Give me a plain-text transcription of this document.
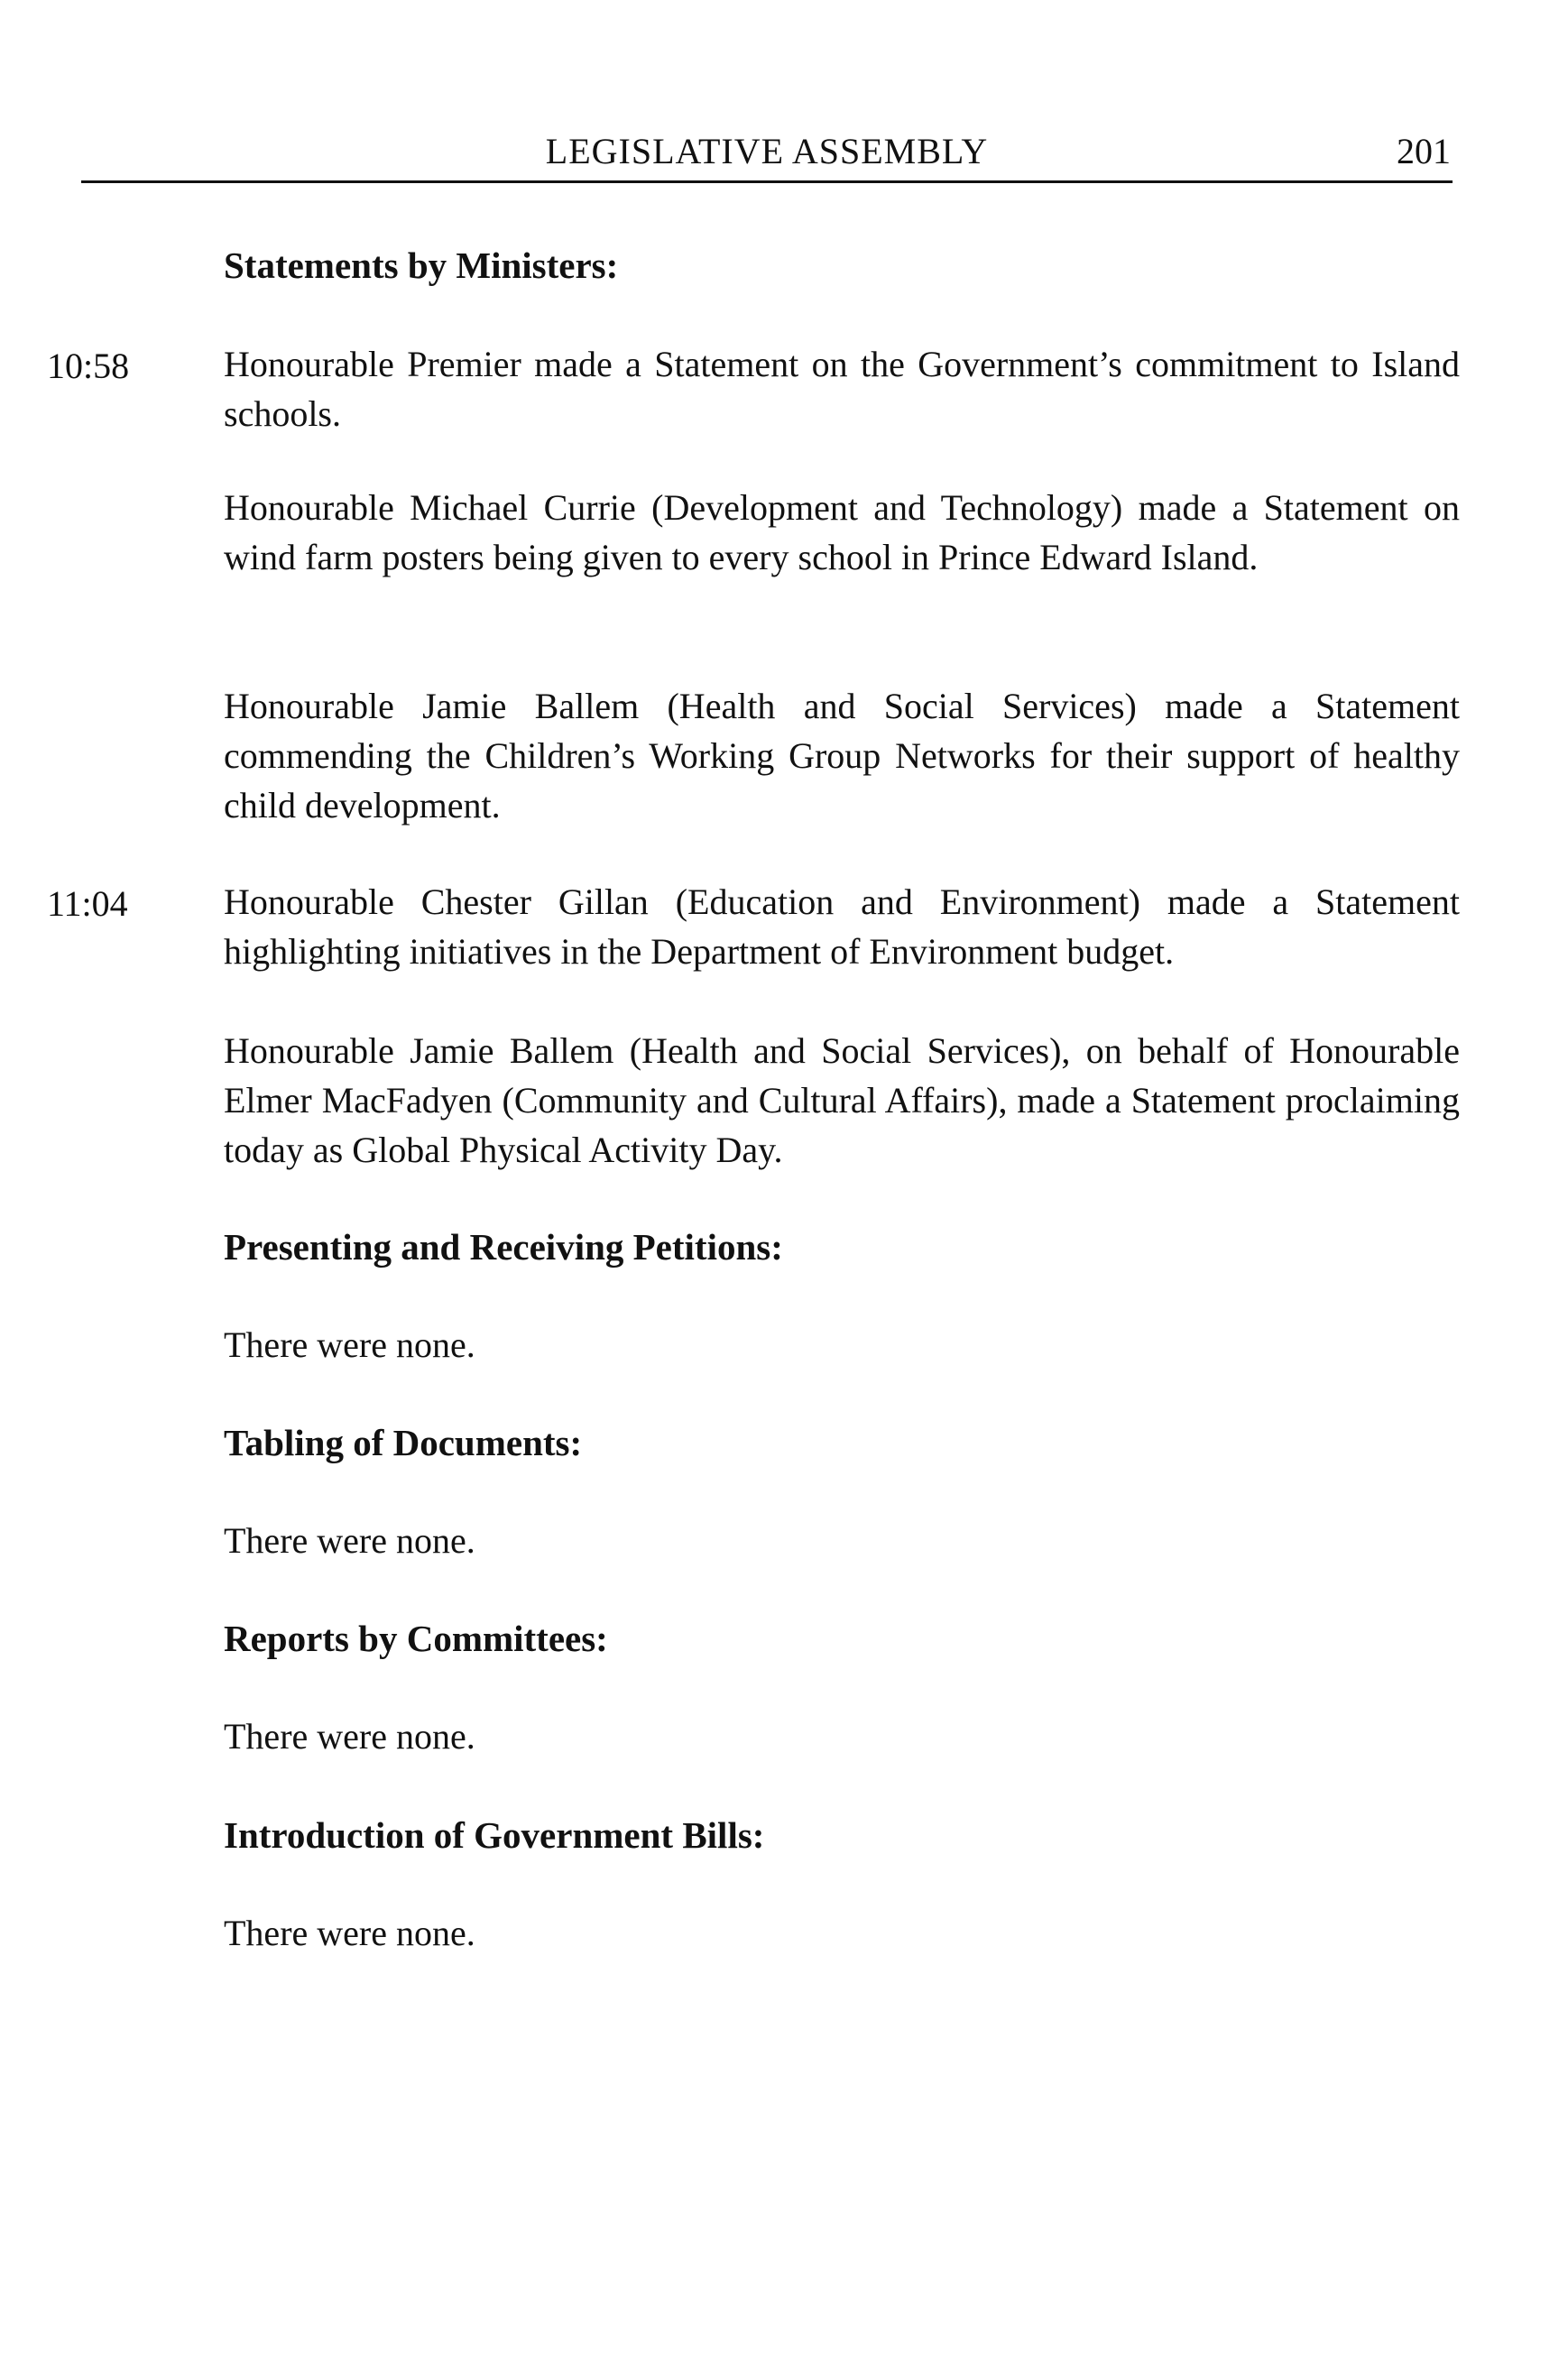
LEGISLATIVE ASSEMBLY	201
Statements by Ministers:
10:58	Honourable Premier made a Statement on the Government’s commitment to Island schools.

Honourable Michael Currie (Development and Technology) made a Statement on wind farm posters being given to every school in Prince Edward Island.

Honourable Jamie Ballem (Health and Social Services) made a Statement commending the Children’s Working Group Networks for their support of healthy child development.

11:04	Honourable Chester Gillan (Education and Environment) made a Statement highlighting initiatives in the Department of Environment budget.

Honourable Jamie Ballem (Health and Social Services), on behalf of Honourable Elmer MacFadyen (Community and Cultural Affairs), made a Statement proclaiming today as Global Physical Activity Day.

Presenting and Receiving Petitions:

There were none.

Tabling of Documents:

There were none.

Reports by Committees:

There were none.

Introduction of Government Bills:

There were none.
